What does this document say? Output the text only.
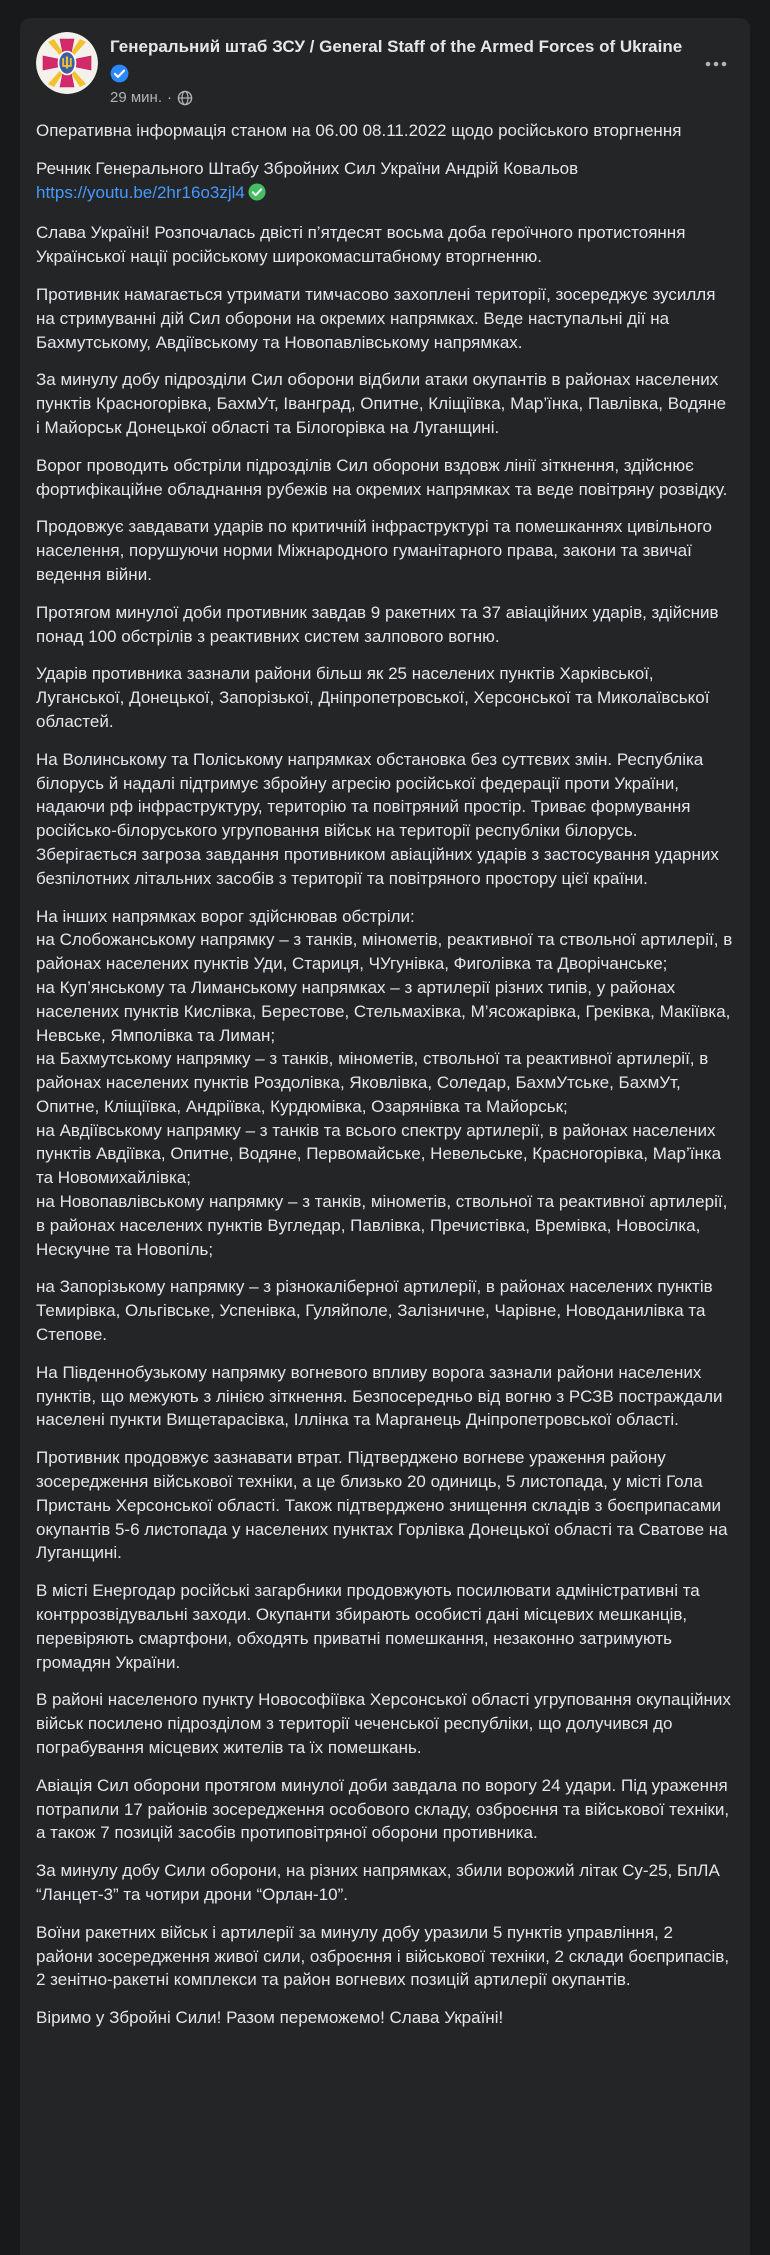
Генеральний штаб ЗСУ / General Staff of the Armed Forces of Ukraine
29 мин. ·

Оперативна інформація станом на 06.00 08.11.2022 щодо російського вторгнення

Речник Генерального Штабу Збройних Сил України Андрій Ковальов
https://youtu.be/2hr16o3zjl4

Слава Україні! Розпочалась двісті п’ятдесят восьма доба героїчного протистояння Української нації російському широкомасштабному вторгненню.

Противник намагається утримати тимчасово захоплені території, зосереджує зусилля на стримуванні дій Сил оборони на окремих напрямках. Веде наступальні дії на Бахмутському, Авдіївському та Новопавлівському напрямках.

За минулу добу підрозділи Сил оборони відбили атаки окупантів в районах населених пунктів Красногорівка, БахмУт, Іванград, Опитне, Кліщіївка, Мар’їнка, Павлівка, Водяне і Майорськ Донецької області та Білогорівка на Луганщині.

Ворог проводить обстріли підрозділів Сил оборони вздовж лінії зіткнення, здійснює фортифікаційне обладнання рубежів на окремих напрямках та веде повітряну розвідку.

Продовжує завдавати ударів по критичній інфраструктурі та помешканнях цивільного населення, порушуючи норми Міжнародного гуманітарного права, закони та звичаї ведення війни.

Протягом минулої доби противник завдав 9 ракетних та 37 авіаційних ударів, здійснив понад 100 обстрілів з реактивних систем залпового вогню.

Ударів противника зазнали райони більш як 25 населених пунктів Харківської, Луганської, Донецької, Запорізької, Дніпропетровської, Херсонської та Миколаївської областей.

На Волинському та Поліському напрямках обстановка без суттєвих змін. Республіка білорусь й надалі підтримує збройну агресію російської федерації проти України, надаючи рф інфраструктуру, територію та повітряний простір. Триває формування російсько-білоруського угруповання військ на території республіки білорусь. Зберігається загроза завдання противником авіаційних ударів з застосування ударних безпілотних літальних засобів з території та повітряного простору цієї країни.

На інших напрямках ворог здійснював обстріли:
на Слобожанському напрямку – з танків, мінометів, реактивної та ствольної артилерії, в районах населених пунктів Уди, Стариця, ЧУгунівка, Фиголівка та Дворічанське;
на Куп’янському та Лиманському напрямках – з артилерії різних типів, у районах населених пунктів Кислівка, Берестове, Стельмахівка, М’ясожарівка, Греківка, Макіївка, Невське, Ямполівка та Лиман;
на Бахмутському напрямку – з танків, мінометів, ствольної та реактивної артилерії, в районах населених пунктів Роздолівка, Яковлівка, Соледар, БахмУтське, БахмУт, Опитне, Кліщіївка, Андріївка, Курдюмівка, Озарянівка та Майорськ;
на Авдіївському напрямку – з танків та всього спектру артилерії, в районах населених пунктів Авдіївка, Опитне, Водяне, Первомайське, Невельське, Красногорівка, Мар’їнка та Новомихайлівка;
на Новопавлівському напрямку – з танків, мінометів, ствольної та реактивної артилерії, в районах населених пунктів Вугледар, Павлівка, Пречистівка, Времівка, Новосілка, Нескучне та Новопіль;

на Запорізькому напрямку – з різнокаліберної артилерії, в районах населених пунктів Темирівка, Ольгівське, Успенівка, Гуляйполе, Залізничне, Чарівне, Новоданилівка та Степове.

На Південнобузькому напрямку вогневого впливу ворога зазнали райони населених пунктів, що межують з лінією зіткнення. Безпосередньо від вогню з РСЗВ постраждали населені пункти Вищетарасівка, Іллінка та Марганець Дніпропетровської області.

Противник продовжує зазнавати втрат. Підтверджено вогневе ураження району зосередження військової техніки, а це близько 20 одиниць, 5 листопада, у місті Гола Пристань Херсонської області. Також підтверджено знищення складів з боєприпасами окупантів 5-6 листопада у населених пунктах Горлівка Донецької області та Сватове на Луганщині.

В місті Енергодар російські загарбники продовжують посилювати адміністративні та контррозвідувальні заходи. Окупанти збирають особисті дані місцевих мешканців, перевіряють смартфони, обходять приватні помешкання, незаконно затримують громадян України.

В районі населеного пункту Новософіївка Херсонської області угруповання окупаційних військ посилено підрозділом з території чеченської республіки, що долучився до пограбування місцевих жителів та їх помешкань.

Авіація Сил оборони протягом минулої доби завдала по ворогу 24 удари. Під ураження потрапили 17 районів зосередження особового складу, озброєння та військової техніки, а також 7 позицій засобів протиповітряної оборони противника.

За минулу добу Сили оборони, на різних напрямках, збили ворожий літак Су-25, БпЛА “Ланцет-3” та чотири дрони “Орлан-10”.

Воїни ракетних військ і артилерії за минулу добу уразили 5 пунктів управління, 2 райони зосередження живої сили, озброєння і військової техніки, 2 склади боєприпасів, 2 зенітно-ракетні комплекси та район вогневих позицій артилерії окупантів.

Віримо у Збройні Сили! Разом переможемо! Слава Україні!
